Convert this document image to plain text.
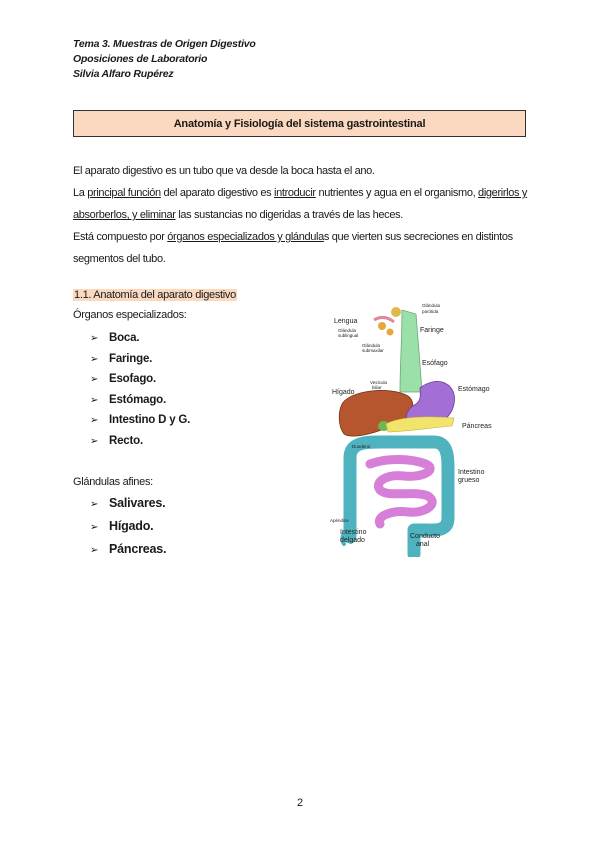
Tema 3. Muestras de Origen Digestivo
Oposiciones de Laboratorio
Silvia Alfaro Rupérez
Anatomía y Fisiología del sistema gastrointestinal

El aparato digestivo es un tubo que va desde la boca hasta el ano.

La principal función del aparato digestivo es introducir nutrientes y agua en el organismo, digerirlos y absorberlos, y eliminar las sustancias no digeridas a través de las heces.

Está compuesto por órganos especializados y glándulas que vierten sus secreciones en distintos segmentos del tubo.

1.1. Anatomía del aparato digestivo
Órganos especializados:
➢ Boca.
➢ Faringe.
➢ Esofago.
➢ Estómago.
➢ Intestino D y G.
➢ Recto.
Glándulas afines:
➢ Salivares.
➢ Hígado.
➢ Páncreas.
Lengua
Glándula
sublingual
Glándula
submaxilar
Glándula
parótida
Faringe
Esófago
Vesícula
biliar
Hígado	Estómago
Páncreas
Duodeno
Intestino
grueso
Apéndice
Intestino
delgado
Conducto
anal
2
